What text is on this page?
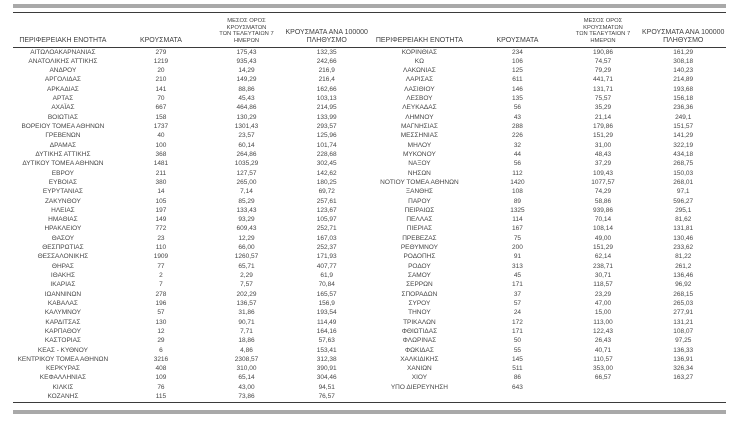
ΠΕΡΙΦΕΡΕΙΑΚΗ ΕΝΟΤΗΤΑ	ΚΡΟΥΣΜΑΤΑ	ΜΕΣΟΣ ΟΡΟΣ ΚΡΟΥΣΜΑΤΩΝ
ΤΩΝ ΤΕΛΕΥΤΑΙΩΝ 7 ΗΜΕΡΩΝ	ΚΡΟΥΣΜΑΤΑ ΑΝΑ 100000
ΠΛΗΘΥΣΜΟ

ΑΙΤΩΛΟΑΚΑΡΝΑΝΙΑΣ	279	175,43	132,35
ΑΝΑΤΟΛΙΚΗΣ ΑΤΤΙΚΗΣ	1219	935,43	242,66
ΑΝΔΡΟΥ	20	14,29	216,9
ΑΡΓΟΛΙΔΑΣ	210	149,29	216,4
ΑΡΚΑΔΙΑΣ	141	88,86	162,66
ΑΡΤΑΣ	70	45,43	103,13
ΑΧΑΪΑΣ	667	464,86	214,95
ΒΟΙΩΤΙΑΣ	158	130,29	133,99
ΒΟΡΕΙΟΥ ΤΟΜΕΑ ΑΘΗΝΩΝ	1737	1301,43	293,57
ΓΡΕΒΕΝΩΝ	40	23,57	125,96
ΔΡΑΜΑΣ	100	60,14	101,74
ΔΥΤΙΚΗΣ ΑΤΤΙΚΗΣ	368	264,86	228,68
ΔΥΤΙΚΟΥ ΤΟΜΕΑ ΑΘΗΝΩΝ	1481	1035,29	302,45
ΕΒΡΟΥ	211	127,57	142,62
ΕΥΒΟΙΑΣ	380	265,00	180,25
ΕΥΡΥΤΑΝΙΑΣ	14	7,14	69,72
ΖΑΚΥΝΘΟΥ	105	85,29	257,61
ΗΛΕΙΑΣ	197	133,43	123,67
ΗΜΑΘΙΑΣ	149	93,29	105,97
ΗΡΑΚΛΕΙΟΥ	772	609,43	252,71
ΘΑΣΟΥ	23	12,29	167,03
ΘΕΣΠΡΩΤΙΑΣ	110	66,00	252,37
ΘΕΣΣΑΛΟΝΙΚΗΣ	1909	1260,57	171,93
ΘΗΡΑΣ	77	65,71	407,77
ΙΘΑΚΗΣ	2	2,29	61,9
ΙΚΑΡΙΑΣ	7	7,57	70,84
ΙΩΑΝΝΙΝΩΝ	278	202,29	165,57
ΚΑΒΑΛΑΣ	196	136,57	156,9
ΚΑΛΥΜΝΟΥ	57	31,86	193,54
ΚΑΡΔΙΤΣΑΣ	130	90,71	114,49
ΚΑΡΠΑΘΟΥ	12	7,71	164,16
ΚΑΣΤΟΡΙΑΣ	29	18,86	57,63
ΚΕΑΣ - ΚΥΘΝΟΥ	6	4,86	153,41
ΚΕΝΤΡΙΚΟΥ ΤΟΜΕΑ ΑΘΗΝΩΝ	3216	2308,57	312,38
ΚΕΡΚΥΡΑΣ	408	310,00	390,91
ΚΕΦΑΛΛΗΝΙΑΣ	109	65,14	304,46
ΚΙΛΚΙΣ	76	43,00	94,51
ΚΟΖΑΝΗΣ	115	73,86	76,57
ΠΕΡΙΦΕΡΕΙΑΚΗ ΕΝΟΤΗΤΑ	ΚΡΟΥΣΜΑΤΑ	ΜΕΣΟΣ ΟΡΟΣ ΚΡΟΥΣΜΑΤΩΝ
ΤΩΝ ΤΕΛΕΥΤΑΙΩΝ 7 ΗΜΕΡΩΝ	ΚΡΟΥΣΜΑΤΑ ΑΝΑ 100000
ΠΛΗΘΥΣΜΟ

ΚΟΡΙΝΘΙΑΣ	234	190,86	161,29
ΚΩ	106	74,57	308,18
ΛΑΚΩΝΙΑΣ	125	79,29	140,23
ΛΑΡΙΣΑΣ	611	441,71	214,89
ΛΑΣΙΘΙΟΥ	146	131,71	193,68
ΛΕΣΒΟΥ	135	75,57	156,18
ΛΕΥΚΑΔΑΣ	56	35,29	236,36
ΛΗΜΝΟΥ	43	21,14	249,1
ΜΑΓΝΗΣΙΑΣ	288	179,86	151,57
ΜΕΣΣΗΝΙΑΣ	226	151,29	141,29
ΜΗΛΟΥ	32	31,00	322,19
ΜΥΚΟΝΟΥ	44	48,43	434,18
ΝΑΞΟΥ	56	37,29	268,75
ΝΗΣΩΝ	112	109,43	150,03
ΝΟΤΙΟΥ ΤΟΜΕΑ ΑΘΗΝΩΝ	1420	1077,57	268,01
ΞΑΝΘΗΣ	108	74,29	97,1
ΠΑΡΟΥ	89	58,86	596,27
ΠΕΙΡΑΙΩΣ	1325	939,86	295,1
ΠΕΛΛΑΣ	114	70,14	81,62
ΠΙΕΡΙΑΣ	167	108,14	131,81
ΠΡΕΒΕΖΑΣ	75	49,00	130,46
ΡΕΘΥΜΝΟΥ	200	151,29	233,62
ΡΟΔΟΠΗΣ	91	62,14	81,22
ΡΟΔΟΥ	313	238,71	261,2
ΣΑΜΟΥ	45	30,71	136,46
ΣΕΡΡΩΝ	171	118,57	96,92
ΣΠΟΡΑΔΩΝ	37	23,29	268,15
ΣΥΡΟΥ	57	47,00	265,03
ΤΗΝΟΥ	24	15,00	277,91
ΤΡΙΚΑΛΩΝ	172	113,00	131,21
ΦΘΙΩΤΙΔΑΣ	171	122,43	108,07
ΦΛΩΡΙΝΑΣ	50	26,43	97,25
ΦΩΚΙΔΑΣ	55	40,71	136,33
ΧΑΛΚΙΔΙΚΗΣ	145	110,57	136,91
ΧΑΝΙΩΝ	511	353,00	326,34
ΧΙΟΥ	86	66,57	163,27
ΥΠΟ ΔΙΕΡΕΥΝΗΣΗ	643		
